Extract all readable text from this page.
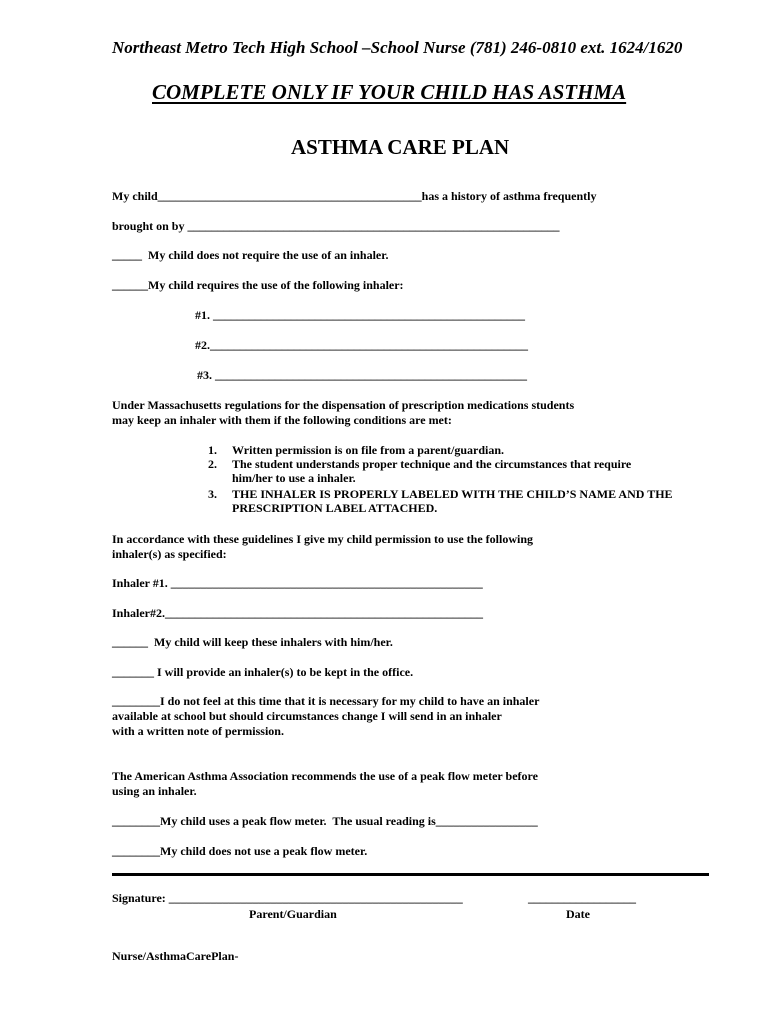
Northeast Metro Tech High School –School Nurse (781) 246-0810 ext. 1624/1620
COMPLETE ONLY IF YOUR CHILD HAS ASTHMA
ASTHMA CARE PLAN
My child____________________________________________has a history of asthma frequently
brought on by ______________________________________________________________
_____  My child does not require the use of an inhaler.
______My child requires the use of the following inhaler:
#1. ____________________________________________________
#2._____________________________________________________
#3. ____________________________________________________
Under Massachusetts regulations for the dispensation of prescription medications students
may keep an inhaler with them if the following conditions are met:
1. Written permission is on file from a parent/guardian.
2. The student understands proper technique and the circumstances that require
him/her to use a inhaler.
3. THE INHALER IS PROPERLY LABELED WITH THE CHILD’S NAME AND THE
PRESCRIPTION LABEL ATTACHED.
In accordance with these guidelines I give my child permission to use the following
inhaler(s) as specified:
Inhaler #1. ____________________________________________________
Inhaler#2._____________________________________________________
______  My child will keep these inhalers with him/her.
_______ I will provide an inhaler(s) to be kept in the office.
________I do not feel at this time that it is necessary for my child to have an inhaler
available at school but should circumstances change I will send in an inhaler
with a written note of permission.
The American Asthma Association recommends the use of a peak flow meter before
using an inhaler.
________My child uses a peak flow meter.  The usual reading is_________________
________My child does not use a peak flow meter.
Signature: _________________________________________________	__________________
Parent/Guardian	Date
Nurse/AsthmaCarePlan-
